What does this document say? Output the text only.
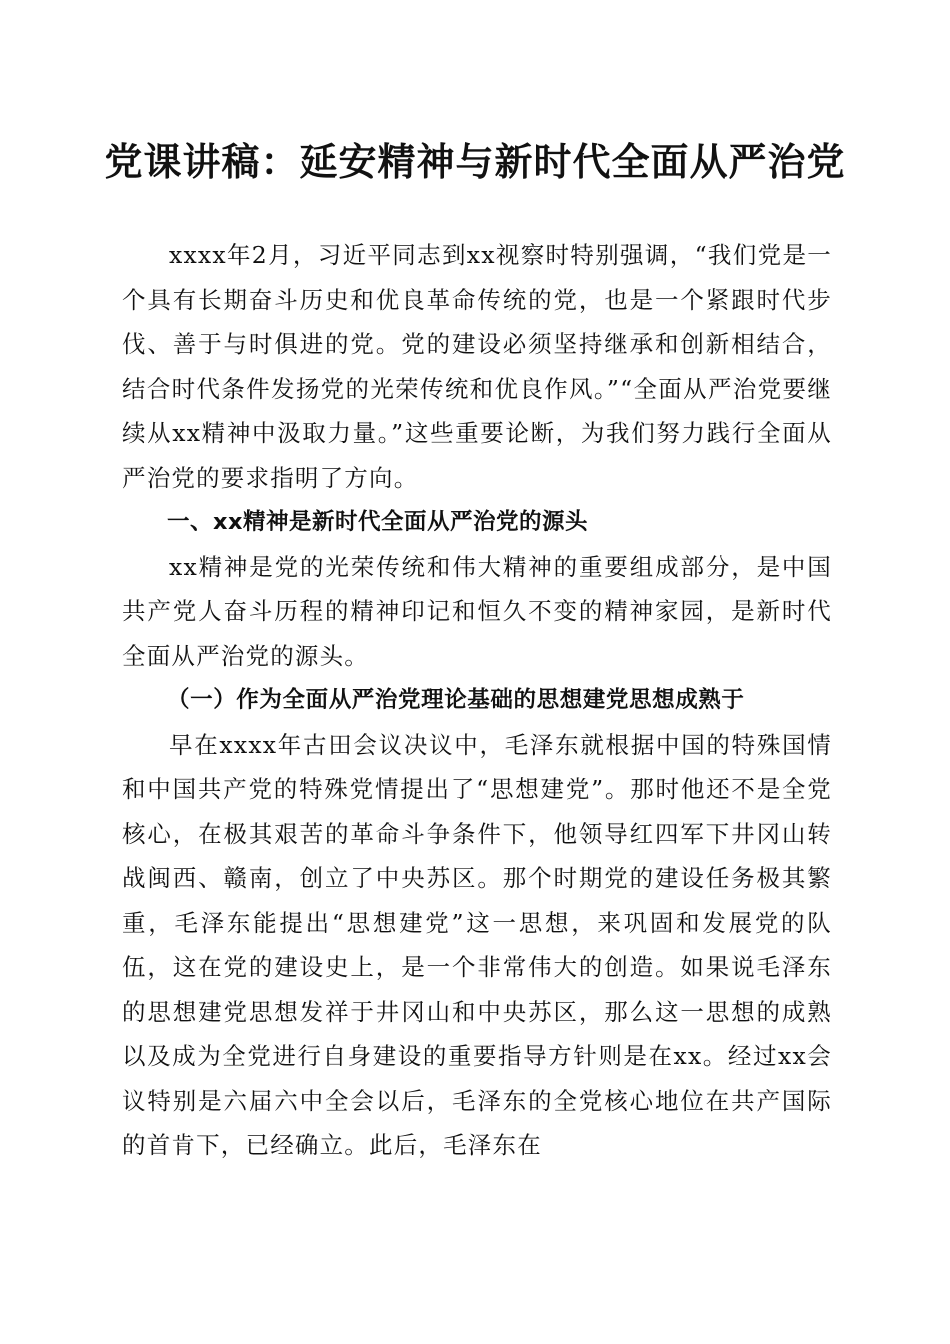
党课讲稿：延安精神与新时代全面从严治党

xxxx年2月，习近平同志到xx视察时特别强调，“我们党是一个具有长期奋斗历史和优良革命传统的党，也是一个紧跟时代步伐、善于与时俱进的党。党的建设必须坚持继承和创新相结合，结合时代条件发扬党的光荣传统和优良作风。”“全面从严治党要继续从xx精神中汲取力量。”这些重要论断，为我们努力践行全面从严治党的要求指明了方向。

一、xx精神是新时代全面从严治党的源头

xx精神是党的光荣传统和伟大精神的重要组成部分，是中国共产党人奋斗历程的精神印记和恒久不变的精神家园，是新时代全面从严治党的源头。

（一）作为全面从严治党理论基础的思想建党思想成熟于

早在xxxx年古田会议决议中，毛泽东就根据中国的特殊国情和中国共产党的特殊党情提出了“思想建党”。那时他还不是全党核心，在极其艰苦的革命斗争条件下，他领导红四军下井冈山转战闽西、赣南，创立了中央苏区。那个时期党的建设任务极其繁重，毛泽东能提出“思想建党”这一思想，来巩固和发展党的队伍，这在党的建设史上，是一个非常伟大的创造。如果说毛泽东的思想建党思想发祥于井冈山和中央苏区，那么这一思想的成熟以及成为全党进行自身建设的重要指导方针则是在xx。经过xx会议特别是六届六中全会以后，毛泽东的全党核心地位在共产国际的首肯下，已经确立。此后，毛泽东在
